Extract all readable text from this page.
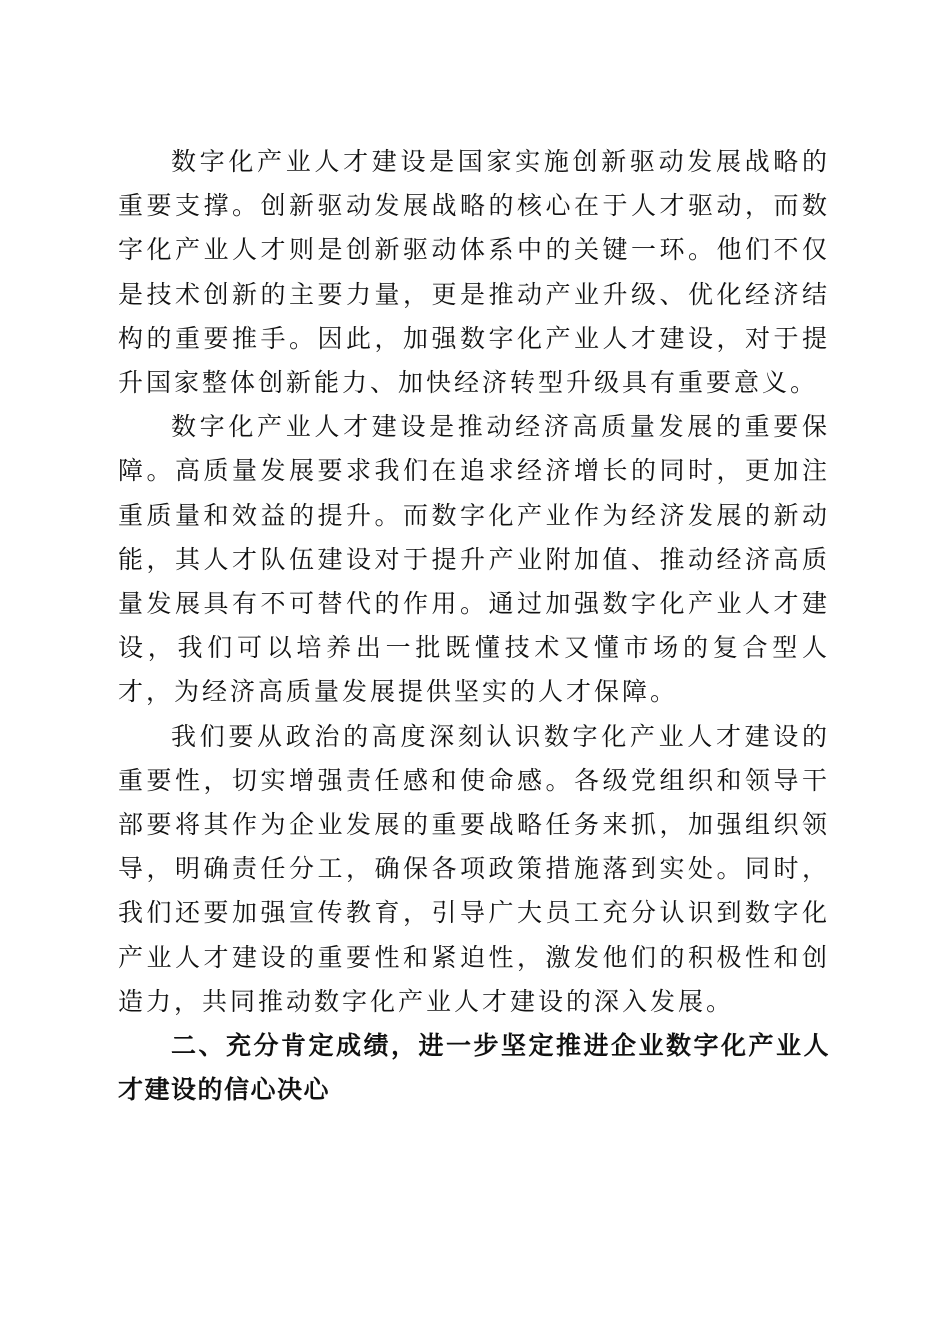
数字化产业人才建设是国家实施创新驱动发展战略的重要支撑。创新驱动发展战略的核心在于人才驱动，而数字化产业人才则是创新驱动体系中的关键一环。他们不仅是技术创新的主要力量，更是推动产业升级、优化经济结构的重要推手。因此，加强数字化产业人才建设，对于提升国家整体创新能力、加快经济转型升级具有重要意义。

数字化产业人才建设是推动经济高质量发展的重要保障。高质量发展要求我们在追求经济增长的同时，更加注重质量和效益的提升。而数字化产业作为经济发展的新动能，其人才队伍建设对于提升产业附加值、推动经济高质量发展具有不可替代的作用。通过加强数字化产业人才建设，我们可以培养出一批既懂技术又懂市场的复合型人才，为经济高质量发展提供坚实的人才保障。

我们要从政治的高度深刻认识数字化产业人才建设的重要性，切实增强责任感和使命感。各级党组织和领导干部要将其作为企业发展的重要战略任务来抓，加强组织领导，明确责任分工，确保各项政策措施落到实处。同时，我们还要加强宣传教育，引导广大员工充分认识到数字化产业人才建设的重要性和紧迫性，激发他们的积极性和创造力，共同推动数字化产业人才建设的深入发展。

二、充分肯定成绩，进一步坚定推进企业数字化产业人才建设的信心决心
